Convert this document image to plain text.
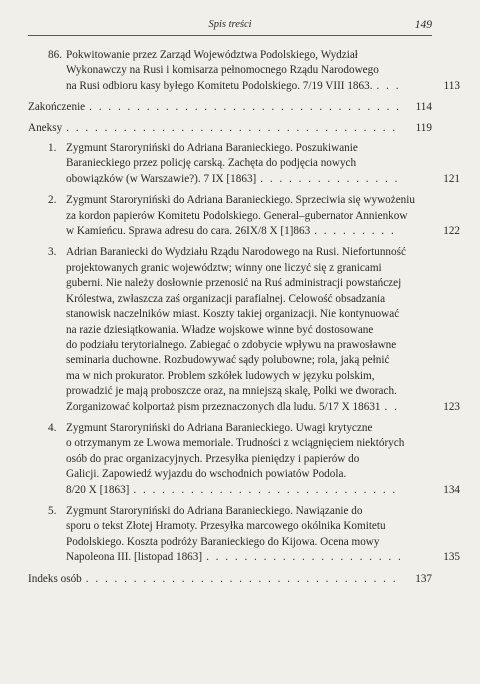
Spis treści	149
86. Pokwitowanie przez Zarząd Województwa Podolskiego, Wydział
Wykonawczy na Rusi i komisarza pełnomocnego Rządu Narodowego
na Rusi odbioru kasy byłego Komitetu Podolskiego. 7/19 VIII 1863. . . .	113
Zakończenie . . .	114
Aneksy . . .	119
1. Zygmunt Staroryпiński do Adriana Baranieckiego. Poszukiwanie
Baranieckiego przez policję carską. Zachęta do podjęcia nowych
obowiązków (w Warszawie?). 7 IX [1863] . . .	121
2. Zygmunt Staroryпiński do Adriana Baranieckiego. Sprzeciwia się wywożeniu
za kordon papierów Komitetu Podolskiego. General–gubernator Annienkow
w Kamieńcu. Sprawa adresu do cara. 26IX/8 X [1]863 . . .	122
3. Adrian Baraniecki do Wydziału Rządu Narodowego na Rusi. Niefortunność
projektowanych granic województw; winny one liczyć się z granicami
guberni. Nie należy dosłownie przenosić na Ruś administracji powstańczej
Królestwa, zwłaszcza zaś organizacji parafialnej. Celowość obsadzania
stanowisk naczelników miast. Koszty takiej organizacji. Nie kontynuować
na razie dziesiątkowania. Władze wojskowe winne być dostosowane
do podziału terytorialnego. Zabiegać o zdobycie wpływu na prawosławne
seminaria duchowne. Rozbudowywać sądy polubowne; rola, jaką pełnić
ma w nich prokurator. Problem szkółek ludowych w języku polskim,
prowadzić je mają proboszcze oraz, na mniejszą skalę, Polki we dworach.
Zorganizować kolportaż pism przeznaczonych dla ludu. 5/17 X 18631 . . .	123
4. Zygmunt Staroryпiński do Adriana Baranieckiego. Uwagi krytyczne
o otrzymanym ze Lwowa memoriale. Trudności z wciągnięciem niektórych
osób do prac organizacyjnych. Przesyłka pieniędzy i papierów do
Galicji. Zapowiedź wyjazdu do wschodnich powiatów Podola.
8/20 X [1863] . . .	134
5. Zygmunt Staroryпiński do Adriana Baranieckiego. Nawiązanie do
sporu o tekst Złotej Hramoty. Przesyłka marcowego okólnika Komitetu
Podolskiego. Koszta podróży Baranieckiego do Kijowa. Ocena mowy
Napoleona III. [listopad 1863] . . .	135
Indeks osób . . .	137
